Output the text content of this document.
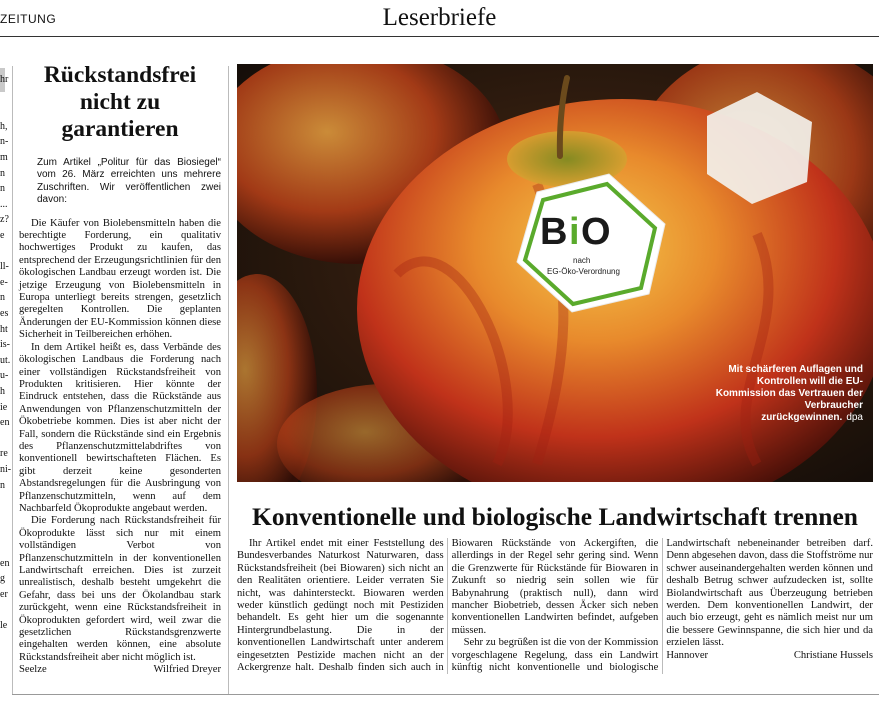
ZEITUNG	Leserbriefe
hr
h,
n-
m
n
n
...
z?
e
ll-
e-
n
es
ht
is-
ut.
u-
h
ie
en
re
ni-
n
en
g
er
le
Rückstandsfrei nicht zu garantieren
Zum Artikel „Politur für das Biosiegel“ vom 26. März erreichten uns mehrere Zuschriften. Wir veröffentlichen zwei davon:

Die Käufer von Biolebensmitteln haben die berechtigte Forderung, ein qualitativ hochwertiges Produkt zu kaufen, das entsprechend der Erzeugungsrichtlinien für den ökologischen Landbau erzeugt worden ist. Die jetzige Erzeugung von Biolebensmitteln in Europa unterliegt bereits strengen, gesetzlich geregelten Kontrollen. Die geplanten Änderungen der EU-Kommission können diese Sicherheit in Teilbereichen erhöhen.

In dem Artikel heißt es, dass Verbände des ökologischen Landbaus die Forderung nach einer vollständigen Rückstandsfreiheit von Produkten kritisieren. Hier könnte der Eindruck entstehen, dass die Rückstände aus Anwendungen von Pflanzenschutzmitteln der Ökobetriebe kommen. Dies ist aber nicht der Fall, sondern die Rückstände sind ein Ergebnis des Pflanzenschutzmittelabdriftes von konventionell bewirtschafteten Flächen. Es gibt derzeit keine gesonderten Abstandsregelungen für die Ausbringung von Pflanzenschutzmitteln, wenn auf dem Nachbarfeld Ökoprodukte angebaut werden.

Die Forderung nach Rückstandsfreiheit für Ökoprodukte lässt sich nur mit einem vollständigen Verbot von Pflanzenschutzmitteln in der konventionellen Landwirtschaft erreichen. Dies ist zurzeit unrealistisch, deshalb besteht umgekehrt die Gefahr, dass bei uns der Ökolandbau stark zurückgeht, wenn eine Rückstandsfreiheit in Ökoprodukten gefordert wird, weil zwar die gesetzlichen Rückstandsgrenzwerte eingehalten werden können, eine absolute Rückstandsfreiheit aber nicht möglich ist.

Seelze	Wilfried Dreyer
B i O
nach
EG-Öko-Verordnung
Mit schärferen Auflagen und Kontrollen will die EU-Kommission das Vertrauen der Verbraucher zurückgewinnen. dpa
Konventionelle und biologische Landwirtschaft trennen

Ihr Artikel endet mit einer Feststellung des Bundesverbandes Naturkost Naturwaren, dass Rückstandsfreiheit (bei Biowaren) sich nicht an den Realitäten orientiere. Leider verraten Sie nicht, was dahintersteckt. Biowaren werden weder künstlich gedüngt noch mit Pestiziden behandelt. Es geht hier um die sogenannte Hintergrundbelastung. Die in der konventionellen Landwirtschaft unter anderem eingesetzten Pestizide machen nicht an der Ackergrenze halt. Deshalb finden sich auch in Biowaren Rückstände von Ackergiften, die allerdings in der Regel sehr gering sind. Wenn die Grenzwerte für Rückstände für Biowaren in Zukunft so niedrig sein sollen wie für Babynahrung (praktisch null), dann wird mancher Biobetrieb, dessen Äcker sich neben konventionellen Landwirten befindet, aufgeben müssen.

Sehr zu begrüßen ist die von der Kommission vorgeschlagene Regelung, dass ein Landwirt künftig nicht konventionelle und biologische Landwirtschaft nebeneinander betreiben darf. Denn abgesehen davon, dass die Stoffströme nur schwer auseinandergehalten werden können und deshalb Betrug schwer aufzudecken ist, sollte Biolandwirtschaft aus Überzeugung betrieben werden. Dem konventionellen Landwirt, der auch bio erzeugt, geht es nämlich meist nur um die bessere Gewinnspanne, die sich hier und da erzielen lässt.

Hannover	Christiane Hussels
